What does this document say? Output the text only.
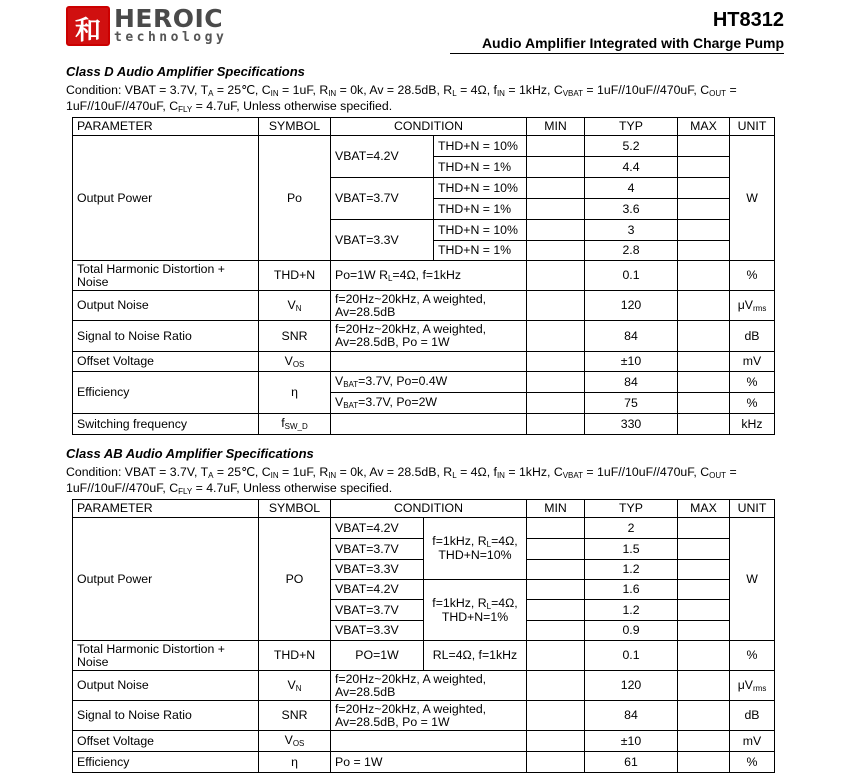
和 HEROIC
technology
HT8312
Audio Amplifier Integrated with Charge Pump
Class D Audio Amplifier Specifications
Condition: VBAT = 3.7V, $T_A$ = 25℃, $C_{IN} = 1uF$, $R_{IN} = 0k$, Av = 28.5dB, $R_L = 4\Omega$, $f_{IN} = 1kHz$, $C_{VBAT} = 1uF//10uF//470uF$, $C_{OUT} = 1uF//10uF//470uF$, $C_{FLY} = 4.7uF$, Unless otherwise specified.
PARAMETER	SYMBOL	CONDITION		MIN	TYP	MAX	UNIT
Output Power	Po	VBAT=4.2V	THD+N = 10%		5.2		W
			THD+N = 1%		4.4		
		VBAT=3.7V	THD+N = 10%		4		
			THD+N = 1%		3.6		
		VBAT=3.3V	THD+N = 10%		3		
			THD+N = 1%		2.8		
Total Harmonic Distortion + Noise	THD+N	Po=1W $R_L=4\Omega$, f=1kHz			0.1		%
Output Noise	$V_N$	f=20Hz~20kHz, A weighted, Av=28.5dB			120		$\mu V_{rms}$
Signal to Noise Ratio	SNR	f=20Hz~20kHz, A weighted, Av=28.5dB, Po = 1W			84		dB
Offset Voltage	$V_{OS}$				±10		mV
Efficiency	η	$V_{BAT}=3.7V$, Po=0.4W			84		%
		$V_{BAT}=3.7V$, Po=2W			75		%
Switching frequency	$f_{SW\_D}$				330		kHz
Class AB Audio Amplifier Specifications
Condition: VBAT = 3.7V, $T_A$ = 25℃, $C_{IN} = 1uF$, $R_{IN} = 0k$, Av = 28.5dB, $R_L = 4\Omega$, $f_{IN} = 1kHz$, $C_{VBAT} = 1uF//10uF//470uF$, $C_{OUT} = 1uF//10uF//470uF$, $C_{FLY} = 4.7uF$, Unless otherwise specified.
PARAMETER	SYMBOL	CONDITION		MIN	TYP	MAX	UNIT
Output Power	PO	VBAT=4.2V	f=1kHz, $R_L=4\Omega$, THD+N=10%		2		W
		VBAT=3.7V			1.5		
		VBAT=3.3V			1.2		
		VBAT=4.2V	f=1kHz, $R_L=4\Omega$, THD+N=1%		1.6		
		VBAT=3.7V			1.2		
		VBAT=3.3V			0.9		
Total Harmonic Distortion + Noise	THD+N	PO=1W	RL=4Ω, f=1kHz		0.1		%
Output Noise	$V_N$	f=20Hz~20kHz, A weighted, Av=28.5dB			120		$\mu V_{rms}$
Signal to Noise Ratio	SNR	f=20Hz~20kHz, A weighted, Av=28.5dB, Po = 1W			84		dB
Offset Voltage	$V_{OS}$				±10		mV
Efficiency	η	Po = 1W			61		%
